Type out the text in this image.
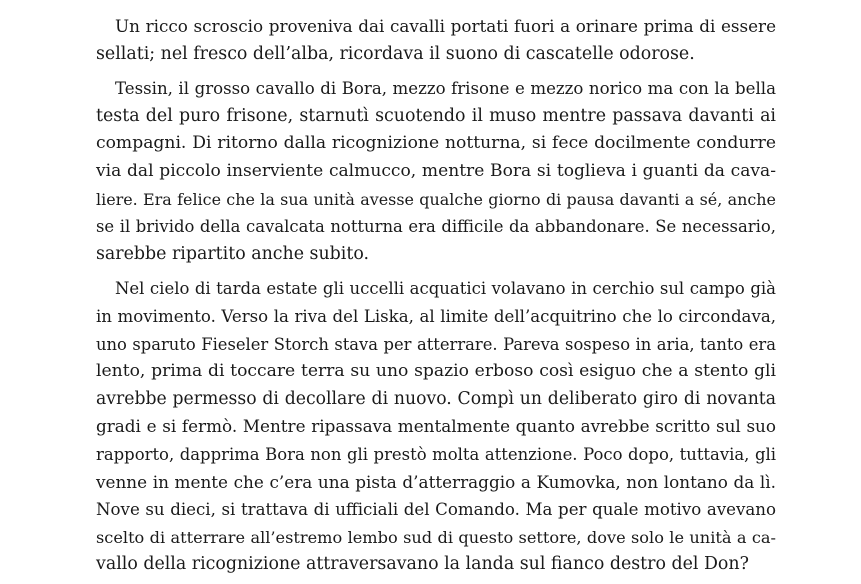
Un ricco scroscio proveniva dai cavalli portati fuori a orinare prima di essere
sellati; nel fresco dell’alba, ricordava il suono di cascatelle odorose.
Tessin, il grosso cavallo di Bora, mezzo frisone e mezzo norico ma con la bella
testa del puro frisone, starnutì scuotendo il muso mentre passava davanti ai
compagni. Di ritorno dalla ricognizione notturna, si fece docilmente condurre
via dal piccolo inserviente calmucco, mentre Bora si toglieva i guanti da cava-
liere. Era felice che la sua unità avesse qualche giorno di pausa davanti a sé, anche
se il brivido della cavalcata notturna era difficile da abbandonare. Se necessario,
sarebbe ripartito anche subito.
Nel cielo di tarda estate gli uccelli acquatici volavano in cerchio sul campo già
in movimento. Verso la riva del Liska, al limite dell’acquitrino che lo circondava,
uno sparuto Fieseler Storch stava per atterrare. Pareva sospeso in aria, tanto era
lento, prima di toccare terra su uno spazio erboso così esiguo che a stento gli
avrebbe permesso di decollare di nuovo. Compì un deliberato giro di novanta
gradi e si fermò. Mentre ripassava mentalmente quanto avrebbe scritto sul suo
rapporto, dapprima Bora non gli prestò molta attenzione. Poco dopo, tuttavia, gli
venne in mente che c’era una pista d’atterraggio a Kumovka, non lontano da lì.
Nove su dieci, si trattava di ufficiali del Comando. Ma per quale motivo avevano
scelto di atterrare all’estremo lembo sud di questo settore, dove solo le unità a ca-
vallo della ricognizione attraversavano la landa sul fianco destro del Don?
